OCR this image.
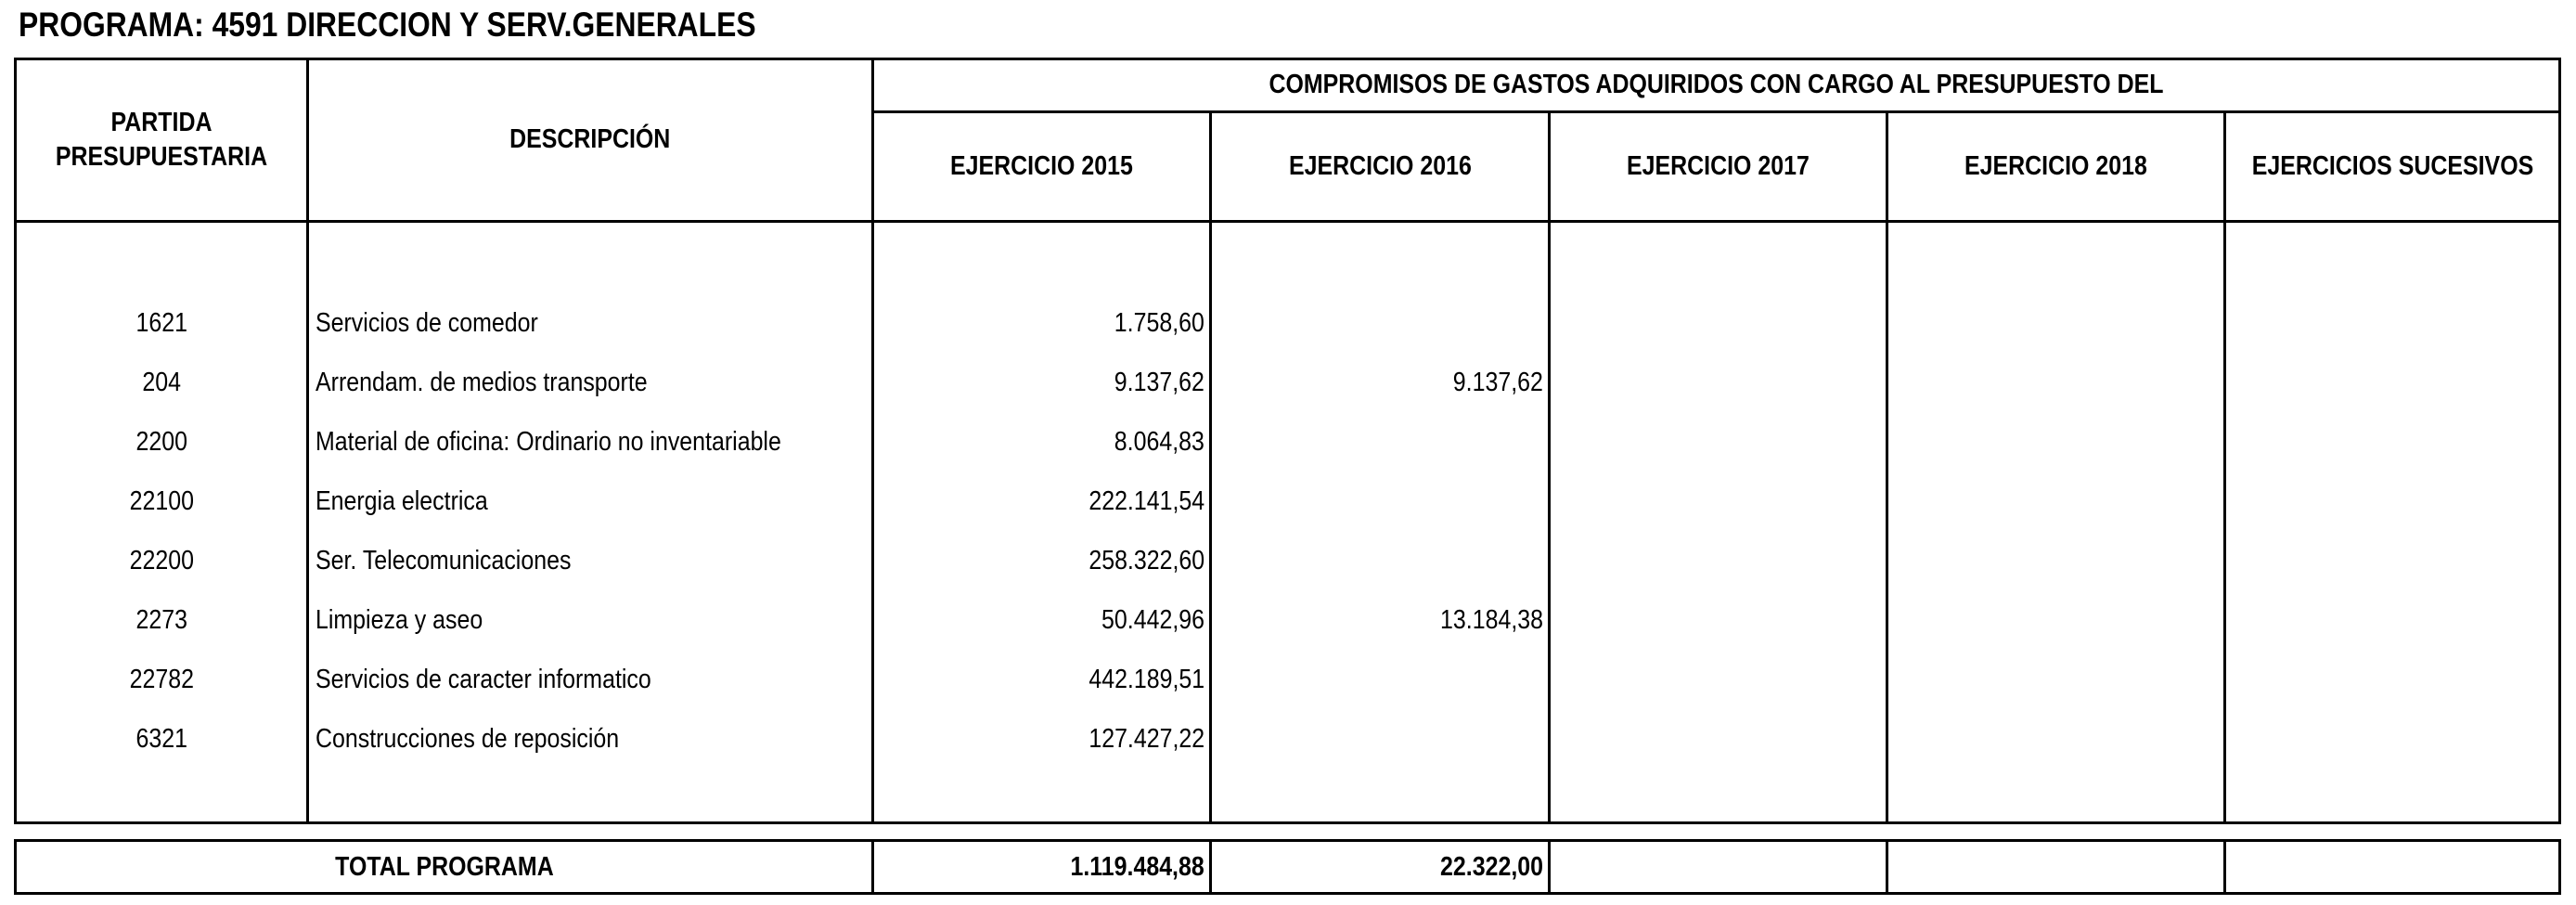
PROGRAMA: 4591 DIRECCION Y SERV.GENERALES
PARTIDA PRESUPUESTARIA
DESCRIPCIÓN
COMPROMISOS DE GASTOS ADQUIRIDOS CON CARGO AL PRESUPUESTO DEL
EJERCICIO 2015	EJERCICIO 2016	EJERCICIO 2017	EJERCICIO 2018	EJERCICIOS SUCESIVOS
1621	Servicios de comedor	1.758,60
204	Arrendam. de medios transporte	9.137,62	9.137,62
2200	Material de oficina: Ordinario no inventariable	8.064,83
22100	Energia electrica	222.141,54
22200	Ser. Telecomunicaciones	258.322,60
2273	Limpieza y aseo	50.442,96	13.184,38
22782	Servicios de caracter informatico	442.189,51
6321	Construcciones de reposición	127.427,22
TOTAL PROGRAMA	1.119.484,88	22.322,00
